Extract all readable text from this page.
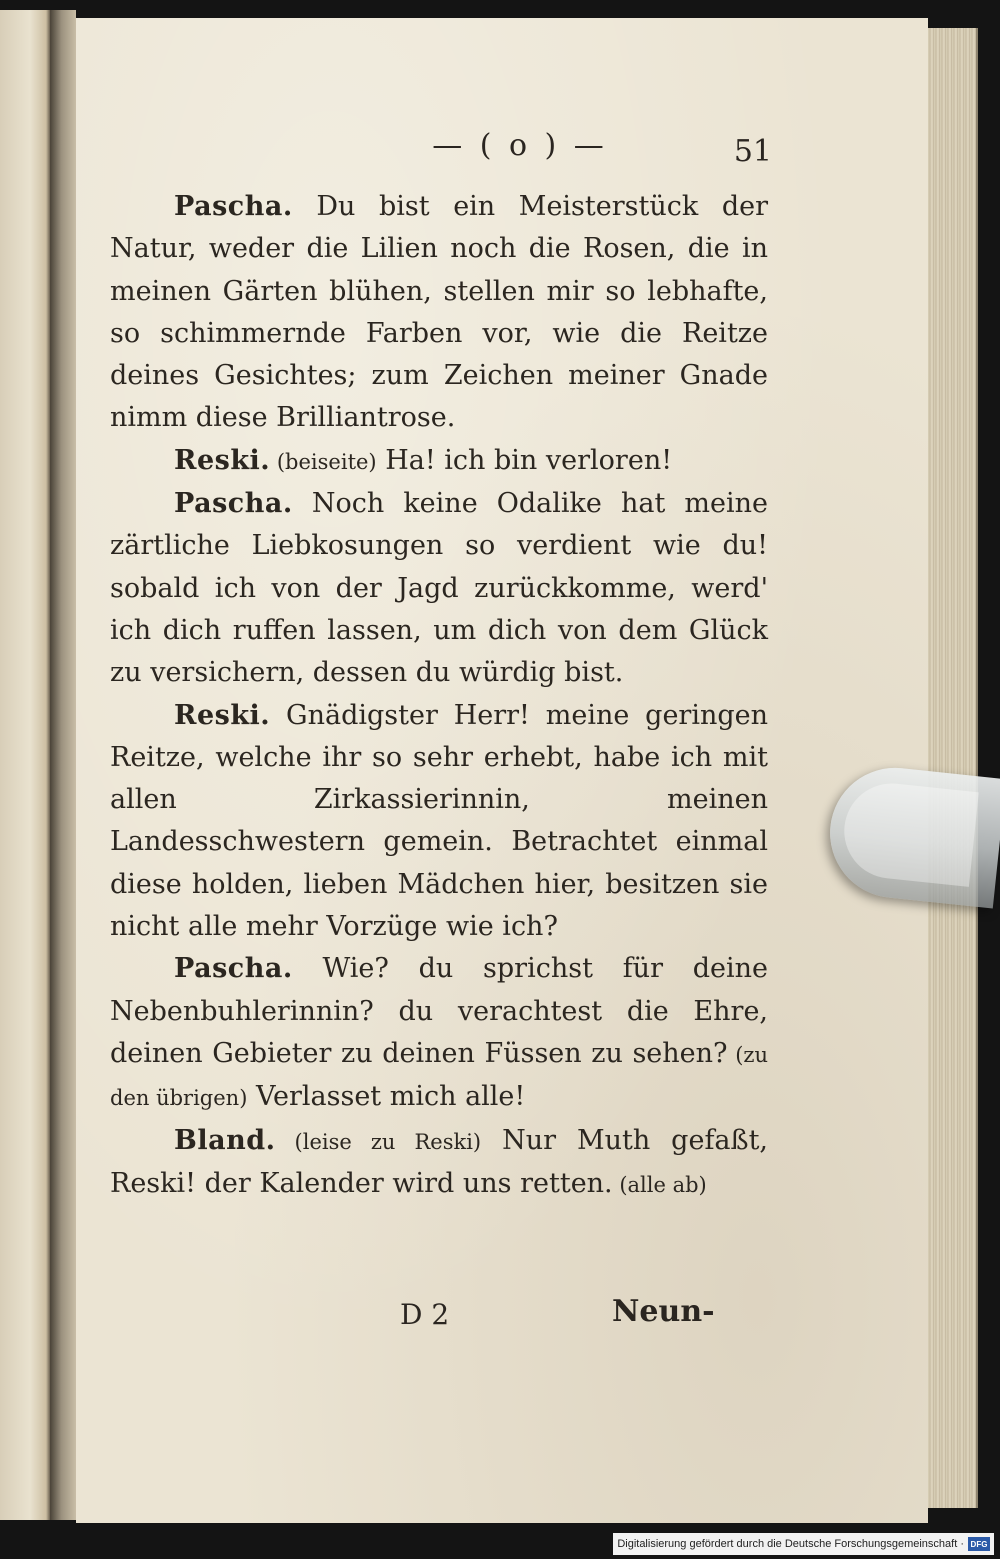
— ( o ) —	51

Pascha. Du bist ein Meisterstück der Natur, weder die Lilien noch die Rosen, die in meinen Gärten blühen, stellen mir so lebhafte, so schimmernde Farben vor, wie die Reitze deines Gesichtes; zum Zeichen meiner Gnade nimm diese Brilliantrose.

Reski. (beiseite) Ha! ich bin verloren!

Pascha. Noch keine Odalike hat meine zärtliche Liebkosungen so verdient wie du! sobald ich von der Jagd zurückkomme, werd' ich dich ruffen lassen, um dich von dem Glück zu versichern, dessen du würdig bist.

Reski. Gnädigster Herr! meine geringen Reitze, welche ihr so sehr erhebt, habe ich mit allen Zirkassierinnin, meinen Landesschwestern gemein. Betrachtet einmal diese holden, lieben Mädchen hier, besitzen sie nicht alle mehr Vorzüge wie ich?

Pascha. Wie? du sprichst für deine Nebenbuhlerinnin? du verachtest die Ehre, deinen Gebieter zu deinen Füssen zu sehen? (zu den übrigen) Verlasset mich alle!

Bland. (leise zu Reski) Nur Muth gefaßt, Reski! der Kalender wird uns retten. (alle ab)

D 2	Neun-
Digitalisierung gefördert durch die Deutsche Forschungsgemeinschaft · DFG
